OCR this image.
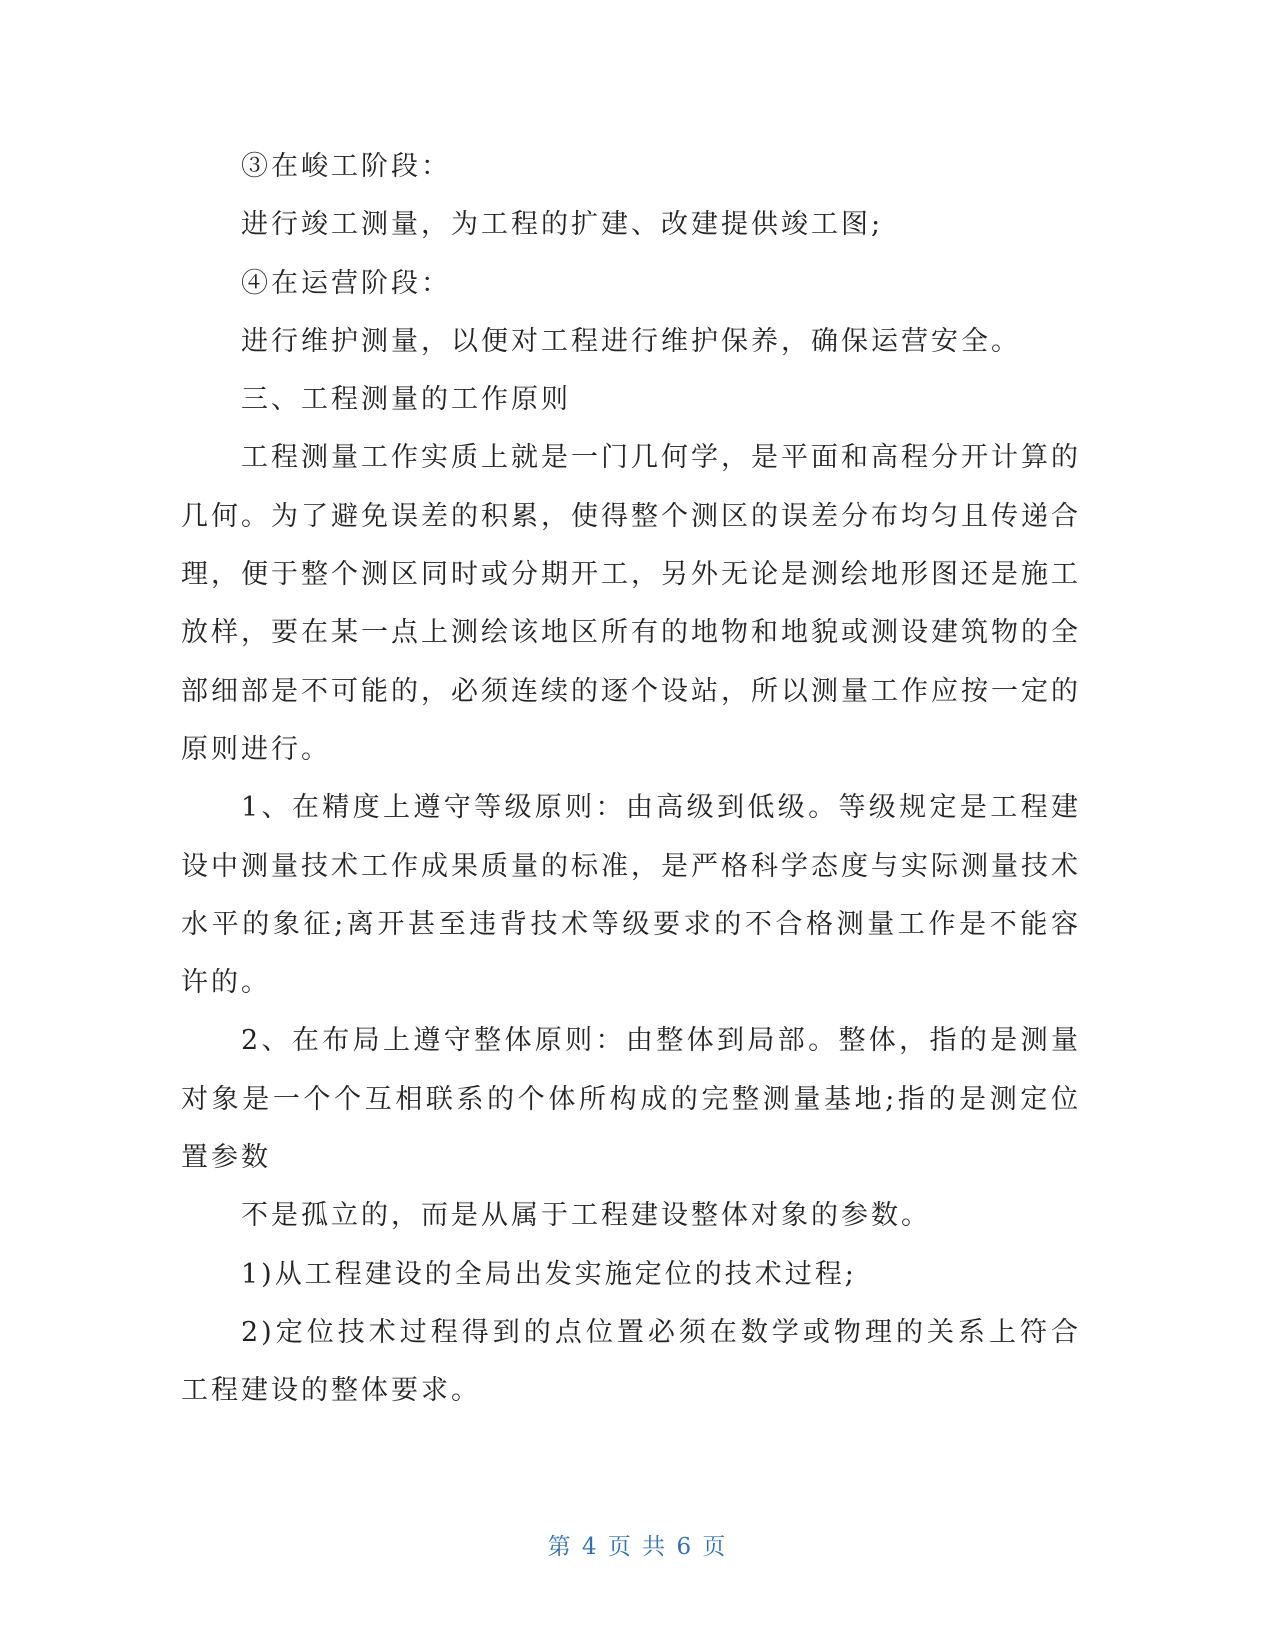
③在峻工阶段：

进行竣工测量，为工程的扩建、改建提供竣工图;

④在运营阶段：

进行维护测量，以便对工程进行维护保养，确保运营安全。

三、工程测量的工作原则

工程测量工作实质上就是一门几何学，是平面和高程分开计算的几何。为了避免误差的积累，使得整个测区的误差分布均匀且传递合理，便于整个测区同时或分期开工，另外无论是测绘地形图还是施工放样，要在某一点上测绘该地区所有的地物和地貌或测设建筑物的全部细部是不可能的，必须连续的逐个设站，所以测量工作应按一定的原则进行。

1、在精度上遵守等级原则：由高级到低级。等级规定是工程建设中测量技术工作成果质量的标准，是严格科学态度与实际测量技术水平的象征;离开甚至违背技术等级要求的不合格测量工作是不能容许的。

2、在布局上遵守整体原则：由整体到局部。整体，指的是测量对象是一个个互相联系的个体所构成的完整测量基地;指的是测定位置参数

不是孤立的，而是从属于工程建设整体对象的参数。

1)从工程建设的全局出发实施定位的技术过程;

2)定位技术过程得到的点位置必须在数学或物理的关系上符合工程建设的整体要求。

第 4 页 共 6 页
